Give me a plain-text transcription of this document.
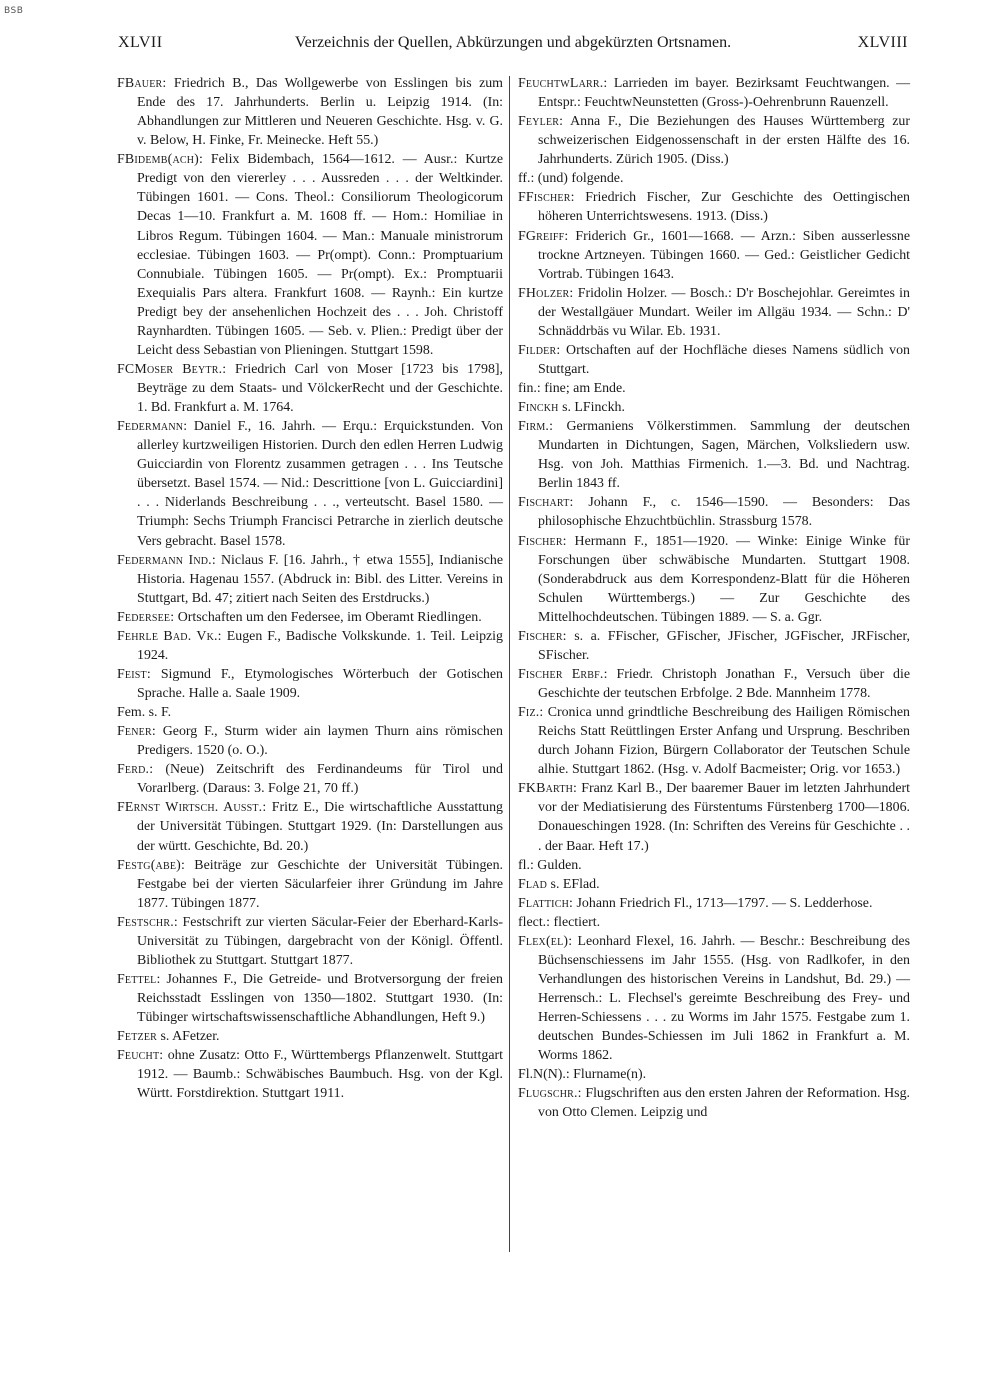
BSB
XLVII	Verzeichnis der Quellen, Abkürzungen und abgekürzten Ortsnamen.	XLVIII

FBauer: Friedrich B., Das Wollgewerbe von Esslingen bis zum Ende des 17. Jahrhunderts. Berlin u. Leipzig 1914. (In: Abhandlungen zur Mittleren und Neueren Geschichte. Hsg. v. G. v. Below, H. Finke, Fr. Meinecke. Heft 55.)

FBidemb(ach): Felix Bidembach, 1564—1612. — Ausr.: Kurtze Predigt von den viererley . . . Aussreden . . . der Weltkinder. Tübingen 1601. — Cons. Theol.: Consiliorum Theologicorum Decas 1—10. Frankfurt a. M. 1608 ff. — Hom.: Homiliae in Libros Regum. Tübingen 1604. — Man.: Manuale ministrorum ecclesiae. Tübingen 1603. — Pr(ompt). Conn.: Promptuarium Connubiale. Tübingen 1605. — Pr(ompt). Ex.: Promptuarii Exequialis Pars altera. Frankfurt 1608. — Raynh.: Ein kurtze Predigt bey der ansehenlichen Hochzeit des . . . Joh. Christoff Raynhardten. Tübingen 1605. — Seb. v. Plien.: Predigt über der Leicht dess Sebastian von Plieningen. Stuttgart 1598.

FCMoser Beytr.: Friedrich Carl von Moser [1723 bis 1798], Beyträge zu dem Staats- und VölckerRecht und der Geschichte. 1. Bd. Frankfurt a. M. 1764.

Federmann: Daniel F., 16. Jahrh. — Erqu.: Erquickstunden. Von allerley kurtzweiligen Historien. Durch den edlen Herren Ludwig Guicciardin von Florentz zusammen getragen . . . Ins Teutsche übersetzt. Basel 1574. — Nid.: Descrittione [von L. Guicciardini] . . . Niderlands Beschreibung . . ., verteutscht. Basel 1580. — Triumph: Sechs Triumph Francisci Petrarche in zierlich deutsche Vers gebracht. Basel 1578.

Federmann Ind.: Niclaus F. [16. Jahrh., † etwa 1555], Indianische Historia. Hagenau 1557. (Abdruck in: Bibl. des Litter. Vereins in Stuttgart, Bd. 47; zitiert nach Seiten des Erstdrucks.)

Federsee: Ortschaften um den Federsee, im Oberamt Riedlingen.

Fehrle Bad. Vk.: Eugen F., Badische Volkskunde. 1. Teil. Leipzig 1924.

Feist: Sigmund F., Etymologisches Wörterbuch der Gotischen Sprache. Halle a. Saale 1909.

Fem. s. F.

Fener: Georg F., Sturm wider ain laymen Thurn ains römischen Predigers. 1520 (o. O.).

Ferd.: (Neue) Zeitschrift des Ferdinandeums für Tirol und Vorarlberg. (Daraus: 3. Folge 21, 70 ff.)

FErnst Wirtsch. Ausst.: Fritz E., Die wirtschaftliche Ausstattung der Universität Tübingen. Stuttgart 1929. (In: Darstellungen aus der württ. Geschichte, Bd. 20.)

Festg(abe): Beiträge zur Geschichte der Universität Tübingen. Festgabe bei der vierten Säcularfeier ihrer Gründung im Jahre 1877. Tübingen 1877.

Festschr.: Festschrift zur vierten Säcular-Feier der Eberhard-Karls-Universität zu Tübingen, dargebracht von der Königl. Öffentl. Bibliothek zu Stuttgart. Stuttgart 1877.

Fettel: Johannes F., Die Getreide- und Brotversorgung der freien Reichsstadt Esslingen von 1350—1802. Stuttgart 1930. (In: Tübinger wirtschaftswissenschaftliche Abhandlungen, Heft 9.)

Fetzer s. AFetzer.

Feucht: ohne Zusatz: Otto F., Württembergs Pflanzenwelt. Stuttgart 1912. — Baumb.: Schwäbisches Baumbuch. Hsg. von der Kgl. Württ. Forstdirektion. Stuttgart 1911.

FeuchtwLarr.: Larrieden im bayer. Bezirksamt Feuchtwangen. — Entspr.: FeuchtwNeunstetten (Gross-)-Oehrenbrunn Rauenzell.

Feyler: Anna F., Die Beziehungen des Hauses Württemberg zur schweizerischen Eidgenossenschaft in der ersten Hälfte des 16. Jahrhunderts. Zürich 1905. (Diss.)

ff.: (und) folgende.

FFischer: Friedrich Fischer, Zur Geschichte des Oettingischen höheren Unterrichtswesens. 1913. (Diss.)

FGreiff: Friderich Gr., 1601—1668. — Arzn.: Siben ausserlessne trockne Artzneyen. Tübingen 1660. — Ged.: Geistlicher Gedicht Vortrab. Tübingen 1643.

FHolzer: Fridolin Holzer. — Bosch.: D'r Boschejohlar. Gereimtes in der Westallgäuer Mundart. Weiler im Allgäu 1934. — Schn.: D' Schnäddrbäs vu Wilar. Eb. 1931.

Filder: Ortschaften auf der Hochfläche dieses Namens südlich von Stuttgart.

fin.: fine; am Ende.

Finckh s. LFinckh.

Firm.: Germaniens Völkerstimmen. Sammlung der deutschen Mundarten in Dichtungen, Sagen, Märchen, Volksliedern usw. Hsg. von Joh. Matthias Firmenich. 1.—3. Bd. und Nachtrag. Berlin 1843 ff.

Fischart: Johann F., c. 1546—1590. — Besonders: Das philosophische Ehzuchtbüchlin. Strassburg 1578.

Fischer: Hermann F., 1851—1920. — Winke: Einige Winke für Forschungen über schwäbische Mundarten. Stuttgart 1908. (Sonderabdruck aus dem Korrespondenz-Blatt für die Höheren Schulen Württembergs.) — Zur Geschichte des Mittelhochdeutschen. Tübingen 1889. — S. a. Ggr.

Fischer: s. a. FFischer, GFischer, JFischer, JGFischer, JRFischer, SFischer.

Fischer Erbf.: Friedr. Christoph Jonathan F., Versuch über die Geschichte der teutschen Erbfolge. 2 Bde. Mannheim 1778.

Fiz.: Cronica unnd grindtliche Beschreibung des Hailigen Römischen Reichs Statt Reüttlingen Erster Anfang und Ursprung. Beschriben durch Johann Fizion, Bürgern Collaborator der Teutschen Schule alhie. Stuttgart 1862. (Hsg. v. Adolf Bacmeister; Orig. vor 1653.)

FKBarth: Franz Karl B., Der baaremer Bauer im letzten Jahrhundert vor der Mediatisierung des Fürstentums Fürstenberg 1700—1806. Donaueschingen 1928. (In: Schriften des Vereins für Geschichte . . . der Baar. Heft 17.)

fl.: Gulden.

Flad s. EFlad.

Flattich: Johann Friedrich Fl., 1713—1797. — S. Ledderhose.

flect.: flectiert.

Flex(el): Leonhard Flexel, 16. Jahrh. — Beschr.: Beschreibung des Büchsenschiessens im Jahr 1555. (Hsg. von Radlkofer, in den Verhandlungen des historischen Vereins in Landshut, Bd. 29.) — Herrensch.: L. Flechsel's gereimte Beschreibung des Frey- und Herren-Schiessens . . . zu Worms im Jahr 1575. Festgabe zum 1. deutschen Bundes-Schiessen im Juli 1862 in Frankfurt a. M. Worms 1862.

Fl.N(N).: Flurname(n).

Flugschr.: Flugschriften aus den ersten Jahren der Reformation. Hsg. von Otto Clemen. Leipzig und
